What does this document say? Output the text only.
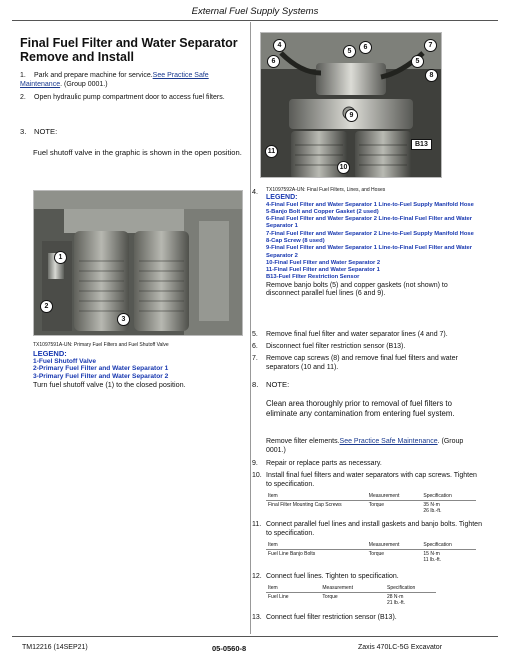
External Fuel Supply Systems
Final Fuel Filter and Water Separator
Remove and Install
1. Park and prepare machine for service.See Practice Safe Maintenance. (Group 0001.)
2. Open hydraulic pump compartment door to access fuel filters.
3. NOTE:
Fuel shutoff valve in the graphic is shown in the open position.
1
2
3
TX1097591A-UN: Primary Fuel Filters and Fuel Shutoff Valve
LEGEND:
1-Fuel Shutoff Valve
2-Primary Fuel Filter and Water Separator 1
3-Primary Fuel Filter and Water Separator 2
Turn fuel shutoff valve (1) to the closed position.
4
5
6	7
5
8
6
9
11
10
B13
4.	TX1097592A-UN: Final Fuel Filters, Lines, and Hoses
LEGEND:
4-Final Fuel Filter and Water Separator 1 Line-to-Fuel Supply Manifold Hose
5-Banjo Bolt and Copper Gasket (2 used)
6-Final Fuel Filter and Water Separator 2 Line-to-Final Fuel Filter and Water Separator 1
7-Final Fuel Filter and Water Separator 2 Line-to-Fuel Supply Manifold Hose
8-Cap Screw (8 used)
9-Final Fuel Filter and Water Separator 1 Line-to-Final Fuel Filter and Water Separator 2
10-Final Fuel Filter and Water Separator 2
11-Final Fuel Filter and Water Separator 1
B13-Fuel Filter Restriction Sensor
Remove banjo bolts (5) and copper gaskets (not shown) to disconnect parallel fuel lines (6 and 9).
5.	Remove final fuel filter and water separator lines (4 and 7).
6.	Disconnect fuel filter restriction sensor (B13).
7.	Remove cap screws (8) and remove final fuel filters and water separators (10 and 11).
8.	NOTE:
Clean area thoroughly prior to removal of fuel filters to eliminate any contamination from entering fuel system.
Remove filter elements.See Practice Safe Maintenance. (Group 0001.)
9.	Repair or replace parts as necessary.
10. Install final fuel filters and water separators with cap screws. Tighten to specification.
Item	Measurement	Specification
Final Filter Mounting Cap Screws	Torque	35 N·m
26 lb.-ft.
11. Connect parallel fuel lines and install gaskets and banjo bolts. Tighten to specification.
Item	Measurement	Specification
Fuel Line Banjo Bolts	Torque	15 N·m
11 lb.-ft.
12. Connect fuel lines. Tighten to specification.
Item	Measurement	Specification
Fuel Line	Torque	28 N·m
21 lb.-ft.
13. Connect fuel filter restriction sensor (B13).
TM12216 (14SEP21)	05-0560-8	Zaxis 470LC-5G Excavator
